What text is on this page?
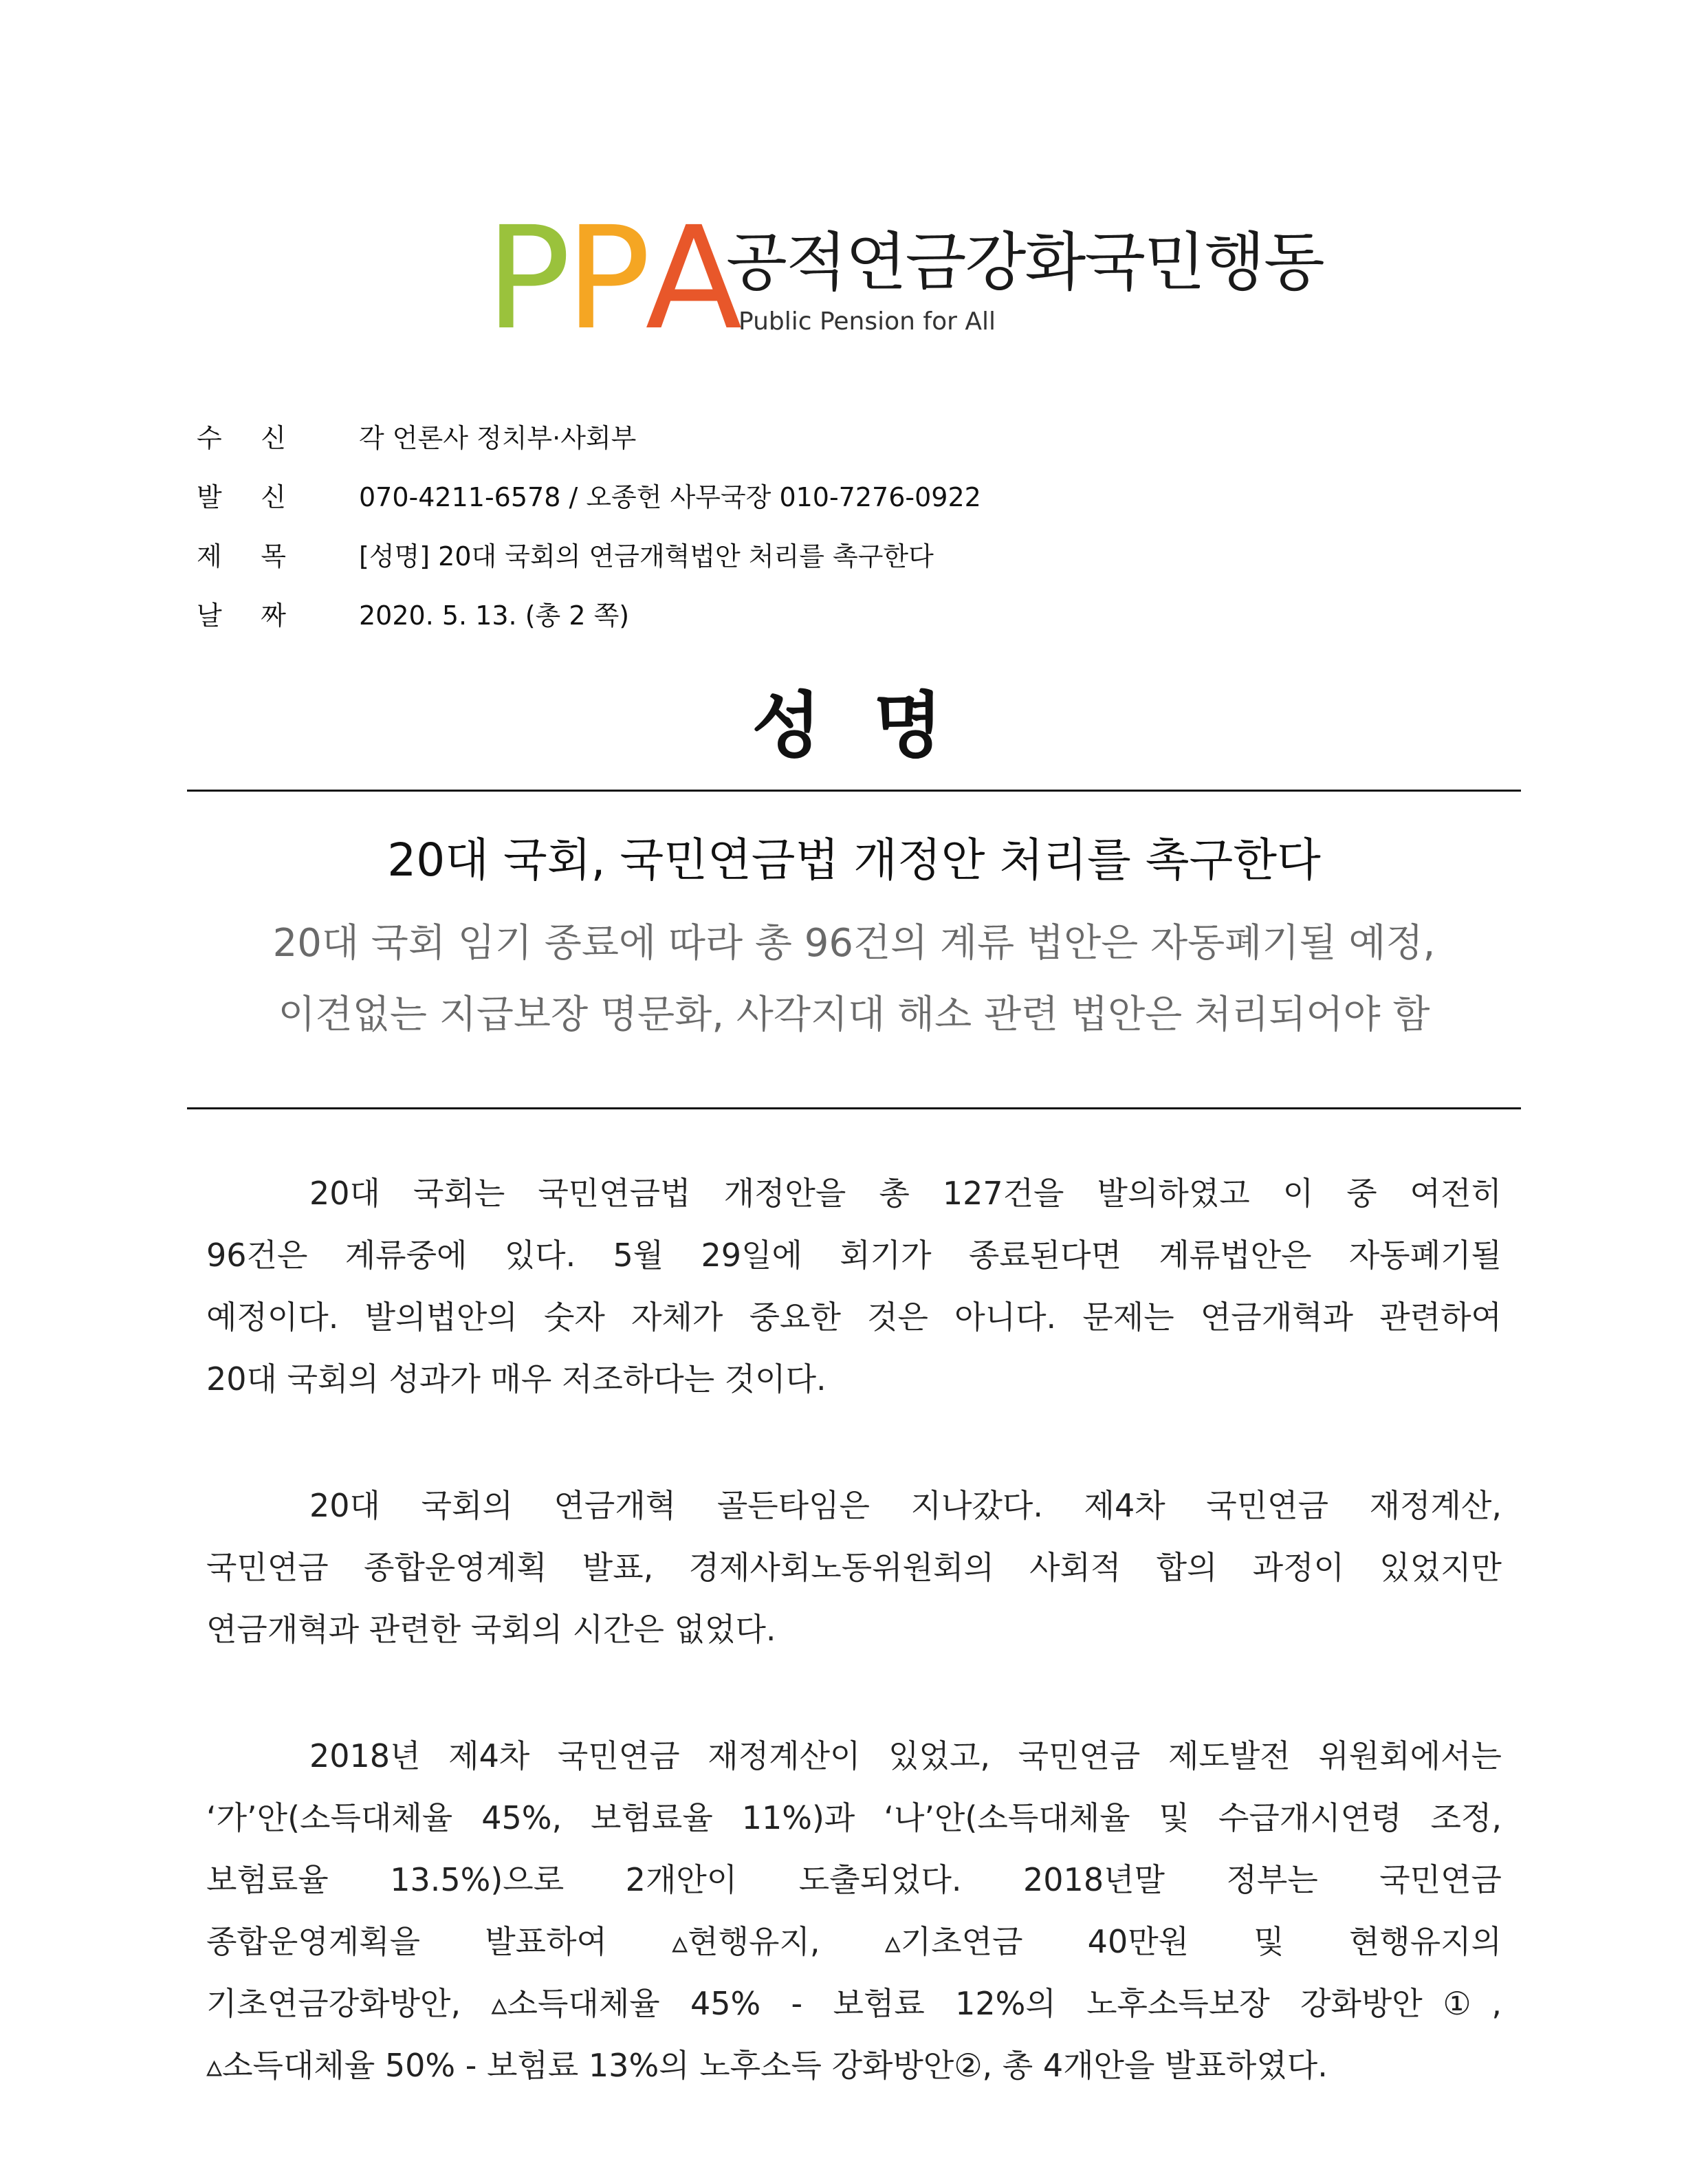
P P A
공적연금강화국민행동
Public Pension for All
수 신	각 언론사 정치부·사회부
발 신	070-4211-6578 / 오종헌 사무국장 010-7276-0922
제 목	[성명] 20대 국회의 연금개혁법안 처리를 촉구한다
날 짜	2020. 5. 13. (총 2 쪽)
성 명
20대 국회, 국민연금법 개정안 처리를 촉구한다
20대 국회 임기 종료에 따라 총 96건의 계류 법안은 자동폐기될 예정,
이견없는 지급보장 명문화, 사각지대 해소 관련 법안은 처리되어야 함
20대 국회는 국민연금법 개정안을 총 127건을 발의하였고 이 중 여전히
96건은 계류중에 있다. 5월 29일에 회기가 종료된다면 계류법안은 자동폐기될
예정이다. 발의법안의 숫자 자체가 중요한 것은 아니다. 문제는 연금개혁과 관련하여
20대 국회의 성과가 매우 저조하다는 것이다.
20대 국회의 연금개혁 골든타임은 지나갔다. 제4차 국민연금 재정계산,
국민연금 종합운영계획 발표, 경제사회노동위원회의 사회적 합의 과정이 있었지만
연금개혁과 관련한 국회의 시간은 없었다.
2018년 제4차 국민연금 재정계산이 있었고, 국민연금 제도발전 위원회에서는
‘가’안(소득대체율 45%, 보험료율 11%)과 ‘나’안(소득대체율 및 수급개시연령 조정,
보험료율 13.5%)으로 2개안이 도출되었다. 2018년말 정부는 국민연금
종합운영계획을 발표하여 ▵현행유지, ▵기초연금 40만원 및 현행유지의
기초연금강화방안, ▵소득대체율 45% - 보험료 12%의 노후소득보장 강화방안①,
▵소득대체율 50% - 보험료 13%의 노후소득 강화방안②, 총 4개안을 발표하였다.
